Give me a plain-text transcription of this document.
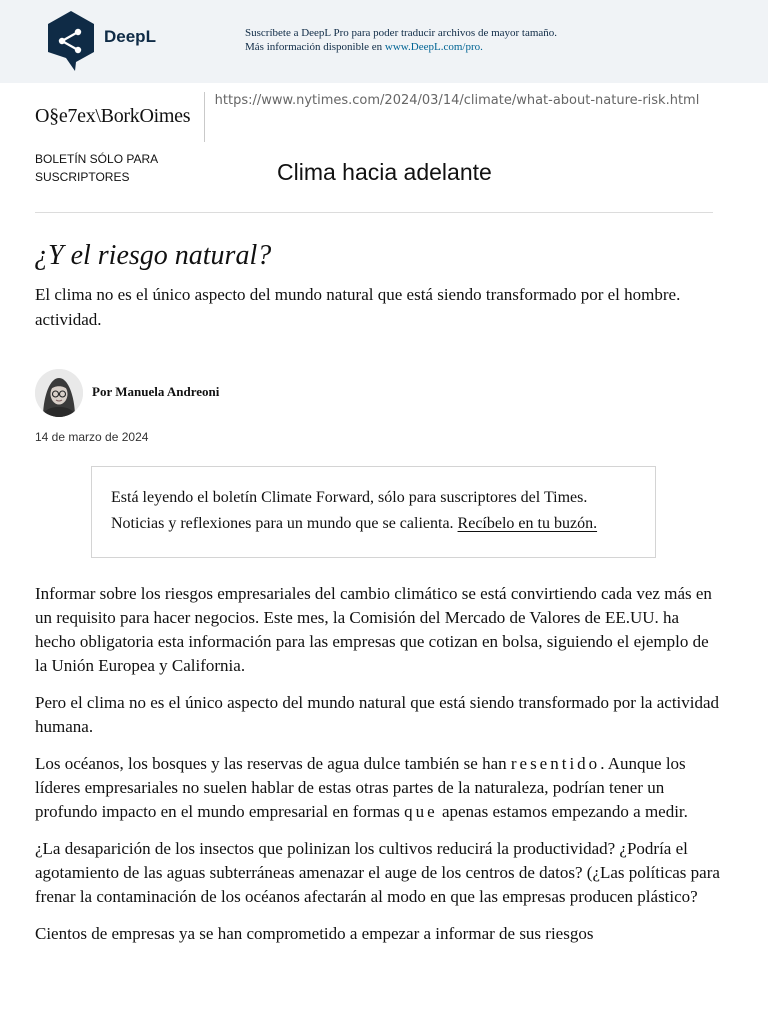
DeepL	Suscríbete a DeepL Pro para poder traducir archivos de mayor tamaño.
Más información disponible en www.DeepL.com/pro.
O§e7ex\BorkOimes
https://www.nytimes.com/2024/03/14/climate/what-about-nature-risk.html
BOLETÍN SÓLO PARA
SUSCRIPTORES	Clima hacia adelante
¿Y el riesgo natural?

El clima no es el único aspecto del mundo natural que está siendo transformado por el hombre.

actividad.

Por Manuela Andreoni
14 de marzo de 2024
Está leyendo el boletín Climate Forward, sólo para suscriptores del Times. Noticias y reflexiones para un mundo que se calienta. Recíbelo en tu buzón.

Informar sobre los riesgos empresariales del cambio climático se está convirtiendo cada vez más en un requisito para hacer negocios. Este mes, la Comisión del Mercado de Valores de EE.UU. ha hecho obligatoria esta información para las empresas que cotizan en bolsa, siguiendo el ejemplo de la Unión Europea y California.

Pero el clima no es el único aspecto del mundo natural que está siendo transformado por la actividad humana.

Los océanos, los bosques y las reservas de agua dulce también se han resentido. Aunque los líderes empresariales no suelen hablar de estas otras partes de la naturaleza, podrían tener un profundo impacto en el mundo empresarial en formas que apenas estamos empezando a medir.

¿La desaparición de los insectos que polinizan los cultivos reducirá la productividad? ¿Podría el agotamiento de las aguas subterráneas amenazar el auge de los centros de datos? (¿Las políticas para frenar la contaminación de los océanos afectarán al modo en que las empresas producen plástico?

Cientos de empresas ya se han comprometido a empezar a informar de sus riesgos
